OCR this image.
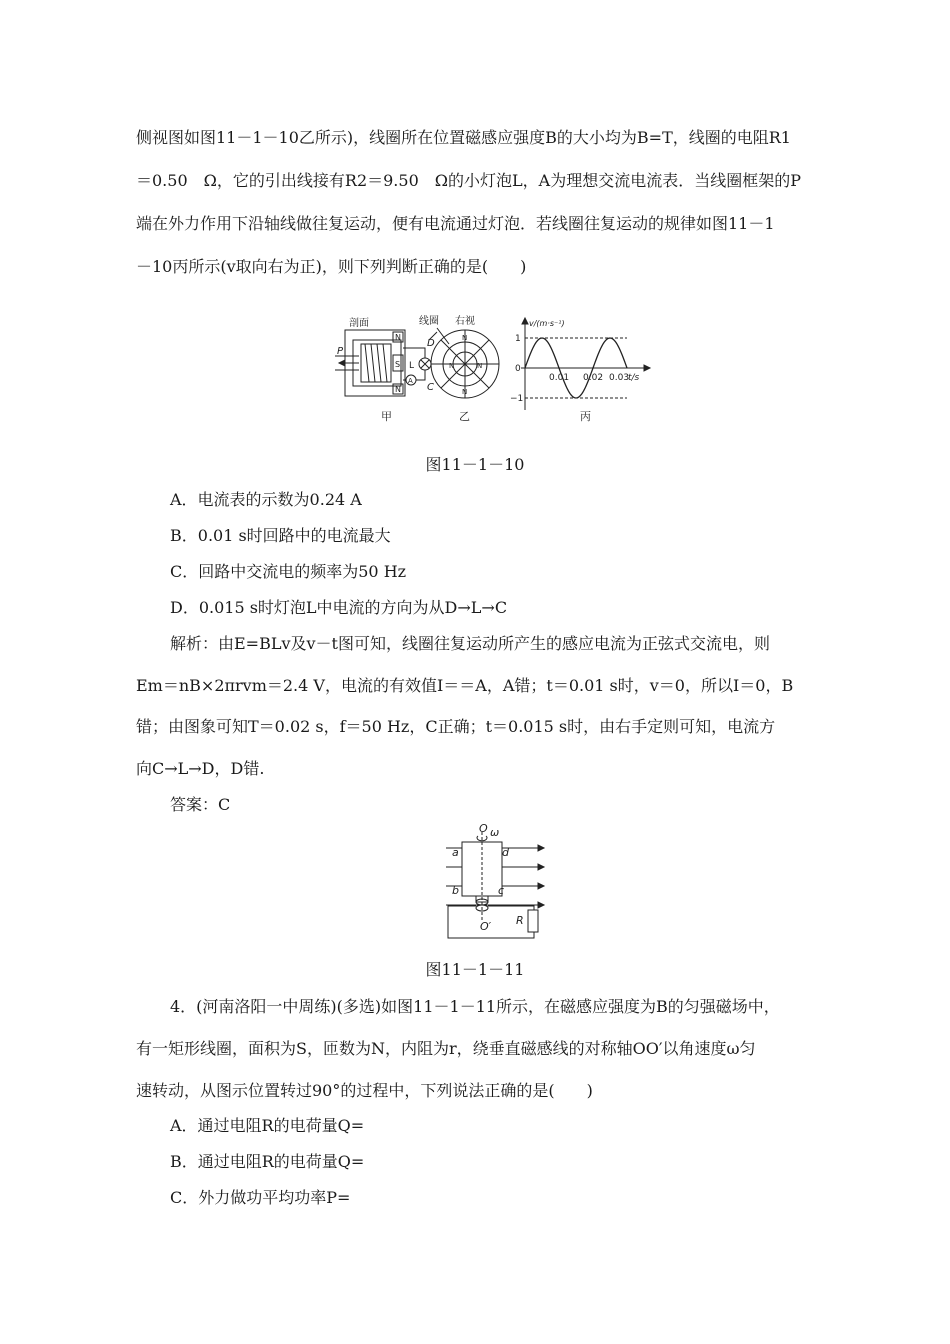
侧视图如图11－1－10乙所示)，线圈所在位置磁感应强度B的大小均为B=T，线圈的电阻R1
＝0.50　Ω，它的引出线接有R2＝9.50　Ω的小灯泡L，A为理想交流电流表．当线圈框架的P
端在外力作用下沿轴线做往复运动，便有电流通过灯泡．若线圈往复运动的规律如图11－1
－10丙所示(v取向右为正)，则下列判断正确的是(　　)
剖面	线圈 右视
N
N
S
P
D
L
C
A
N	N
N
N
v/(m·s⁻¹)
t/s
1
0
−1
0.01 0.02 0.03
甲	乙	丙
图11－1－10
A．电流表的示数为0.24 A
B．0.01 s时回路中的电流最大
C．回路中交流电的频率为50 Hz
D．0.015 s时灯泡L中电流的方向为从D→L→C
解析：由E=BLv及v－t图可知，线圈往复运动所产生的感应电流为正弦式交流电，则
Em＝nB×2πrvm＝2.4 V，电流的有效值I＝＝A，A错；t＝0.01 s时，v＝0，所以I＝0，B
错；由图象可知T＝0.02 s，f＝50 Hz，C正确；t＝0.015 s时，由右手定则可知，电流方
向C→L→D，D错.
答案：C
O ω
a	d
b	c
R
O′
图11－1－11
4．(河南洛阳一中周练)(多选)如图11－1－11所示，在磁感应强度为B的匀强磁场中，
有一矩形线圈，面积为S，匝数为N，内阻为r，绕垂直磁感线的对称轴OO′以角速度ω匀
速转动，从图示位置转过90°的过程中，下列说法正确的是(　　)
A．通过电阻R的电荷量Q=
B．通过电阻R的电荷量Q=
C．外力做功平均功率P=
